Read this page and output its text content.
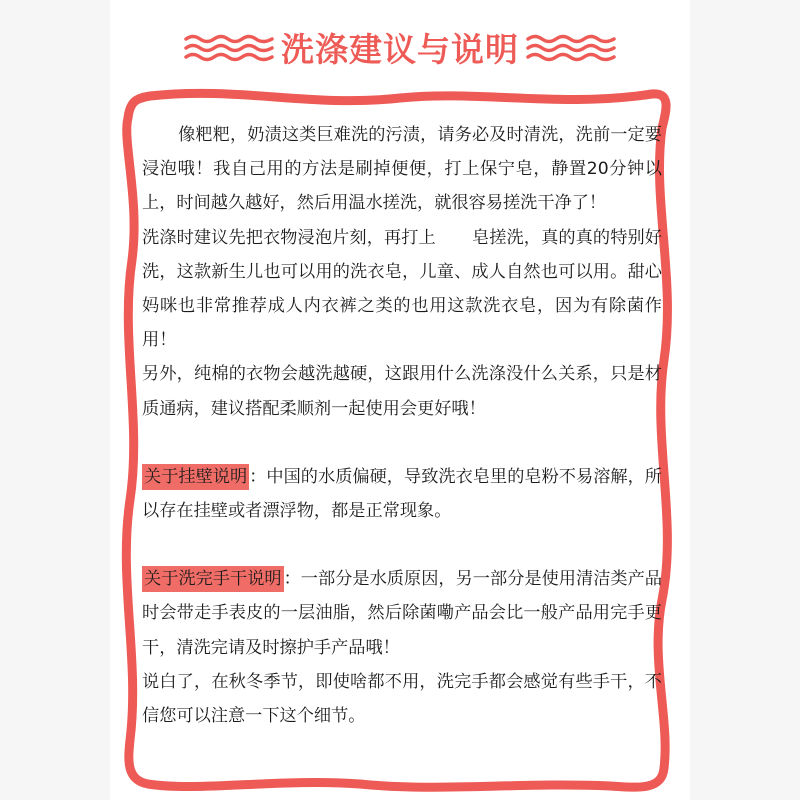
洗涤建议与说明

像粑粑，奶渍这类巨难洗的污渍，请务必及时清洗，洗前一定要浸泡哦！我自己用的方法是刷掉便便，打上保宁皂，静置20分钟以上，时间越久越好，然后用温水搓洗，就很容易搓洗干净了！

洗涤时建议先把衣物浸泡片刻，再打上 皂搓洗，真的真的特别好洗，这款新生儿也可以用的洗衣皂，儿童、成人自然也可以用。甜心妈咪也非常推荐成人内衣裤之类的也用这款洗衣皂，因为有除菌作用！

另外，纯棉的衣物会越洗越硬，这跟用什么洗涤没什么关系，只是材质通病，建议搭配柔顺剂一起使用会更好哦！

关于挂壁说明 ：中国的水质偏硬，导致洗衣皂里的皂粉不易溶解，所以存在挂壁或者漂浮物，都是正常现象。

关于洗完手干说明 ：一部分是水质原因，另一部分是使用清洁类产品时会带走手表皮的一层油脂，然后除菌嘞产品会比一般产品用完手更干，清洗完请及时擦护手产品哦！

说白了，在秋冬季节，即使啥都不用，洗完手都会感觉有些手干，不信您可以注意一下这个细节。
